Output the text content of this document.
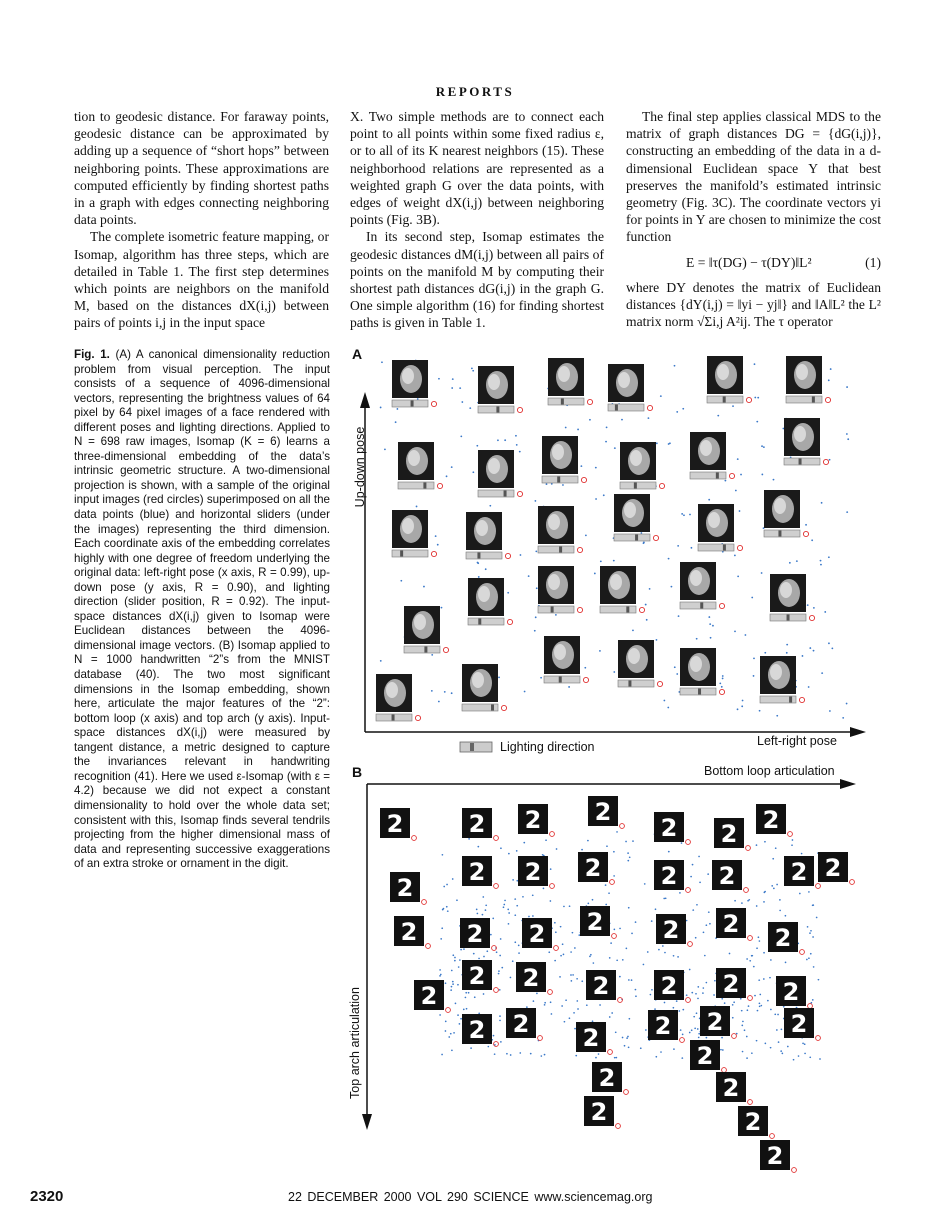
REPORTS

tion to geodesic distance. For faraway points, geodesic distance can be approximated by adding up a sequence of “short hops” between neighboring points. These approximations are computed efficiently by finding shortest paths in a graph with edges connecting neighboring data points.

The complete isometric feature mapping, or Isomap, algorithm has three steps, which are detailed in Table 1. The first step determines which points are neighbors on the manifold M, based on the distances dX(i,j) between pairs of points i,j in the input space

X. Two simple methods are to connect each point to all points within some fixed radius ε, or to all of its K nearest neighbors (15). These neighborhood relations are represented as a weighted graph G over the data points, with edges of weight dX(i,j) between neighboring points (Fig. 3B).

In its second step, Isomap estimates the geodesic distances dM(i,j) between all pairs of points on the manifold M by computing their shortest path distances dG(i,j) in the graph G. One simple algorithm (16) for finding shortest paths is given in Table 1.

The final step applies classical MDS to the matrix of graph distances DG = {dG(i,j)}, constructing an embedding of the data in a d-dimensional Euclidean space Y that best preserves the manifold’s estimated intrinsic geometry (Fig. 3C). The coordinate vectors yi for points in Y are chosen to minimize the cost function

E = ‖τ(DG) − τ(DY)‖L²	(1)

where DY denotes the matrix of Euclidean distances {dY(i,j) = ‖yi − yj‖} and ‖A‖L² the L² matrix norm √Σi,j A²ij. The τ operator

Fig. 1. (A) A canonical dimensionality reduction problem from visual perception. The input consists of a sequence of 4096-dimensional vectors, representing the brightness values of 64 pixel by 64 pixel images of a face rendered with different poses and lighting directions. Applied to N = 698 raw images, Isomap (K = 6) learns a three-dimensional embedding of the data’s intrinsic geometric structure. A two-dimensional projection is shown, with a sample of the original input images (red circles) superimposed on all the data points (blue) and horizontal sliders (under the images) representing the third dimension. Each coordinate axis of the embedding correlates highly with one degree of freedom underlying the original data: left-right pose (x axis, R = 0.99), up-down pose (y axis, R = 0.90), and lighting direction (slider position, R = 0.92). The input-space distances dX(i,j) given to Isomap were Euclidean distances between the 4096-dimensional image vectors. (B) Isomap applied to N = 1000 handwritten “2”s from the MNIST database (40). The two most significant dimensions in the Isomap embedding, shown here, articulate the major features of the “2”: bottom loop (x axis) and top arch (y axis). Input-space distances dX(i,j) were measured by tangent distance, a metric designed to capture the invariances relevant in handwriting recognition (41). Here we used ε-Isomap (with ε = 4.2) because we did not expect a constant dimensionality to hold over the whole data set; consistent with this, Isomap finds several tendrils projecting from the higher dimensional mass of data and representing successive exaggerations of an extra stroke or ornament in the digit.
2	2 2 2
2 2 2
2
2 2 2 2 2 2 2
2 2 2 2 2 2 2
2
2 2 2 2 2 2
2 2 2 2 2	2
2
2
2
2
2
2
A
Up-down pose
Left-right pose
Lighting direction
B	Bottom loop articulation
Top arch articulation
2320	22 DECEMBER 2000 VOL 290 SCIENCE www.sciencemag.org
